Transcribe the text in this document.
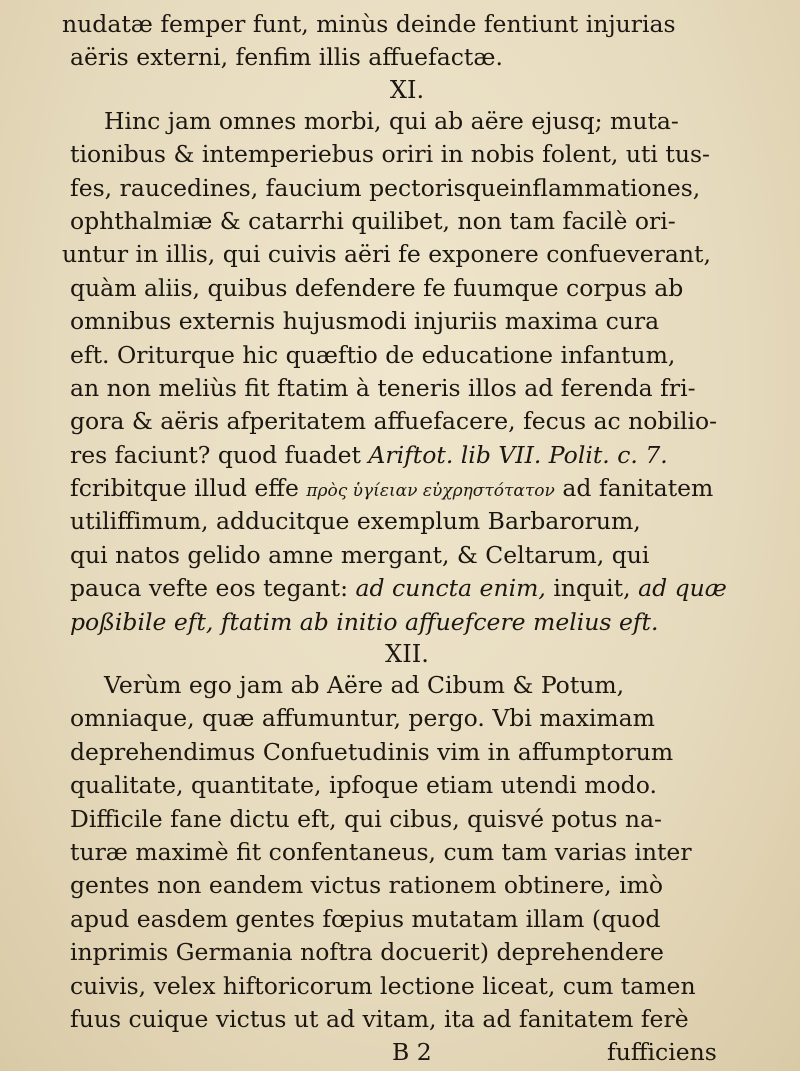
nudatæ femper funt, minùs deinde fentiunt injurias
aëris externi, fenfim illis affuefactæ.
XI.
Hinc jam omnes morbi, qui ab aëre ejusq; muta-
tionibus & intemperiebus oriri in nobis folent, uti tus-
fes, raucedines, faucium pectorisqueinflammationes,
ophthalmiæ & catarrhi quilibet, non tam facilè ori-
untur in illis, qui cuivis aëri fe exponere confueverant,
quàm aliis, quibus defendere fe fuumque corpus ab
omnibus externis hujusmodi injuriis maxima cura
eft. Oriturque hic quæftio de educatione infantum,
an non meliùs fit ftatim à teneris illos ad ferenda fri-
gora & aëris afperitatem affuefacere, fecus ac nobilio-
res faciunt? quod fuadet Ariftot. lib VII. Polit. c. 7.
fcribitque illud effe πρὸς ὑγίειαν εὐχρηστότατον ad fanitatem
utiliffimum, adducitque exemplum Barbarorum,
qui natos gelido amne mergant, & Celtarum, qui
pauca vefte eos tegant: ad cuncta enim, inquit, ad quæ
poßibile eft, ftatim ab initio affuefcere melius eft.
XII.
Verùm ego jam ab Aëre ad Cibum & Potum,
omniaque, quæ affumuntur, pergo. Vbi maximam
deprehendimus Confuetudinis vim in affumptorum
qualitate, quantitate, ipfoque etiam utendi modo.
Difficile fane dictu eft, qui cibus, quisvé potus na-
turæ maximè fit confentaneus, cum tam varias inter
gentes non eandem victus rationem obtinere, imò
apud easdem gentes fœpius mutatam illam (quod
inprimis Germania noftra docuerit) deprehendere
cuivis, velex hiftoricorum lectione liceat, cum tamen
fuus cuique victus ut ad vitam, ita ad fanitatem ferè
B 2	fufficiens
